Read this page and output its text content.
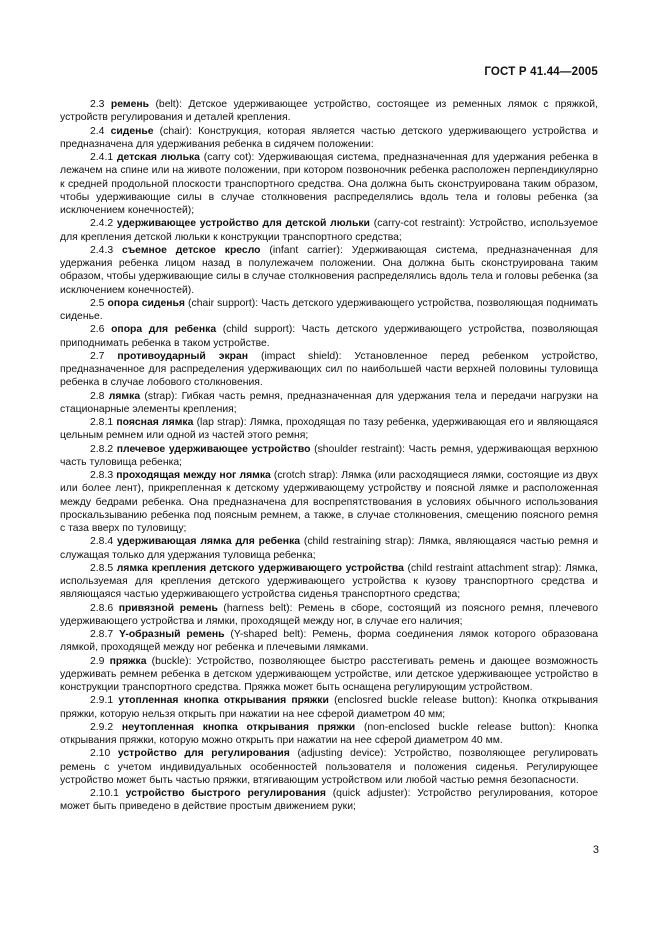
ГОСТ Р 41.44—2005

2.3 ремень (belt): Детское удерживающее устройство, состоящее из ременных лямок с пряжкой, устройств регулирования и деталей крепления.

2.4 сиденье (chair): Конструкция, которая является частью детского удерживающего устройства и предназначена для удерживания ребенка в сидячем положении:

2.4.1 детская люлька (carry cot): Удерживающая система, предназначенная для удержания ребенка в лежачем на спине или на животе положении, при котором позвоночник ребенка расположен перпендикулярно к средней продольной плоскости транспортного средства. Она должна быть сконструирована таким образом, чтобы удерживающие силы в случае столкновения распределялись вдоль тела и головы ребенка (за исключением конечностей);

2.4.2 удерживающее устройство для детской люльки (carry-cot restraint): Устройство, используемое для крепления детской люльки к конструкции транспортного средства;

2.4.3 съемное детское кресло (infant carrier): Удерживающая система, предназначенная для удержания ребенка лицом назад в полулежачем положении. Она должна быть сконструирована таким образом, чтобы удерживающие силы в случае столкновения распределялись вдоль тела и головы ребенка (за исключением конечностей).

2.5 опора сиденья (chair support): Часть детского удерживающего устройства, позволяющая поднимать сиденье.

2.6 опора для ребенка (child support): Часть детского удерживающего устройства, позволяющая приподнимать ребенка в таком устройстве.

2.7 противоударный экран (impact shield): Установленное перед ребенком устройство, предназначенное для распределения удерживающих сил по наибольшей части верхней половины туловища ребенка в случае лобового столкновения.

2.8 лямка (strap): Гибкая часть ремня, предназначенная для удержания тела и передачи нагрузки на стационарные элементы крепления;

2.8.1 поясная лямка (lap strap): Лямка, проходящая по тазу ребенка, удерживающая его и являющаяся цельным ремнем или одной из частей этого ремня;

2.8.2 плечевое удерживающее устройство (shoulder restraint): Часть ремня, удерживающая верхнюю часть туловища ребенка;

2.8.3 проходящая между ног лямка (crotch strap): Лямка (или расходящиеся лямки, состоящие из двух или более лент), прикрепленная к детскому удерживающему устройству и поясной лямке и расположенная между бедрами ребенка. Она предназначена для воспрепятствования в условиях обычного использования проскальзыванию ребенка под поясным ремнем, а также, в случае столкновения, смещению поясного ремня с таза вверх по туловищу;

2.8.4 удерживающая лямка для ребенка (child restraining strap): Лямка, являющаяся частью ремня и служащая только для удержания туловища ребенка;

2.8.5 лямка крепления детского удерживающего устройства (child restraint attachment strap): Лямка, используемая для крепления детского удерживающего устройства к кузову транспортного средства и являющаяся частью удерживающего устройства сиденья транспортного средства;

2.8.6 привязной ремень (harness belt): Ремень в сборе, состоящий из поясного ремня, плечевого удерживающего устройства и лямки, проходящей между ног, в случае его наличия;

2.8.7 Y-образный ремень (Y-shaped belt): Ремень, форма соединения лямок которого образована лямкой, проходящей между ног ребенка и плечевыми лямками.

2.9 пряжка (buckle): Устройство, позволяющее быстро расстегивать ремень и дающее возможность удерживать ремнем ребенка в детском удерживающем устройстве, или детское удерживающее устройство в конструкции транспортного средства. Пряжка может быть оснащена регулирующим устройством.

2.9.1 утопленная кнопка открывания пряжки (enclosred buckle release button): Кнопка открывания пряжки, которую нельзя открыть при нажатии на нее сферой диаметром 40 мм;

2.9.2 неутопленная кнопка открывания пряжки (non-enclosed buckle release button): Кнопка открывания пряжки, которую можно открыть при нажатии на нее сферой диаметром 40 мм.

2.10 устройство для регулирования (adjusting device): Устройство, позволяющее регулировать ремень с учетом индивидуальных особенностей пользователя и положения сиденья. Регулирующее устройство может быть частью пряжки, втягивающим устройством или любой частью ремня безопасности.

2.10.1 устройство быстрого регулирования (quick adjuster): Устройство регулирования, которое может быть приведено в действие простым движением руки;

3
